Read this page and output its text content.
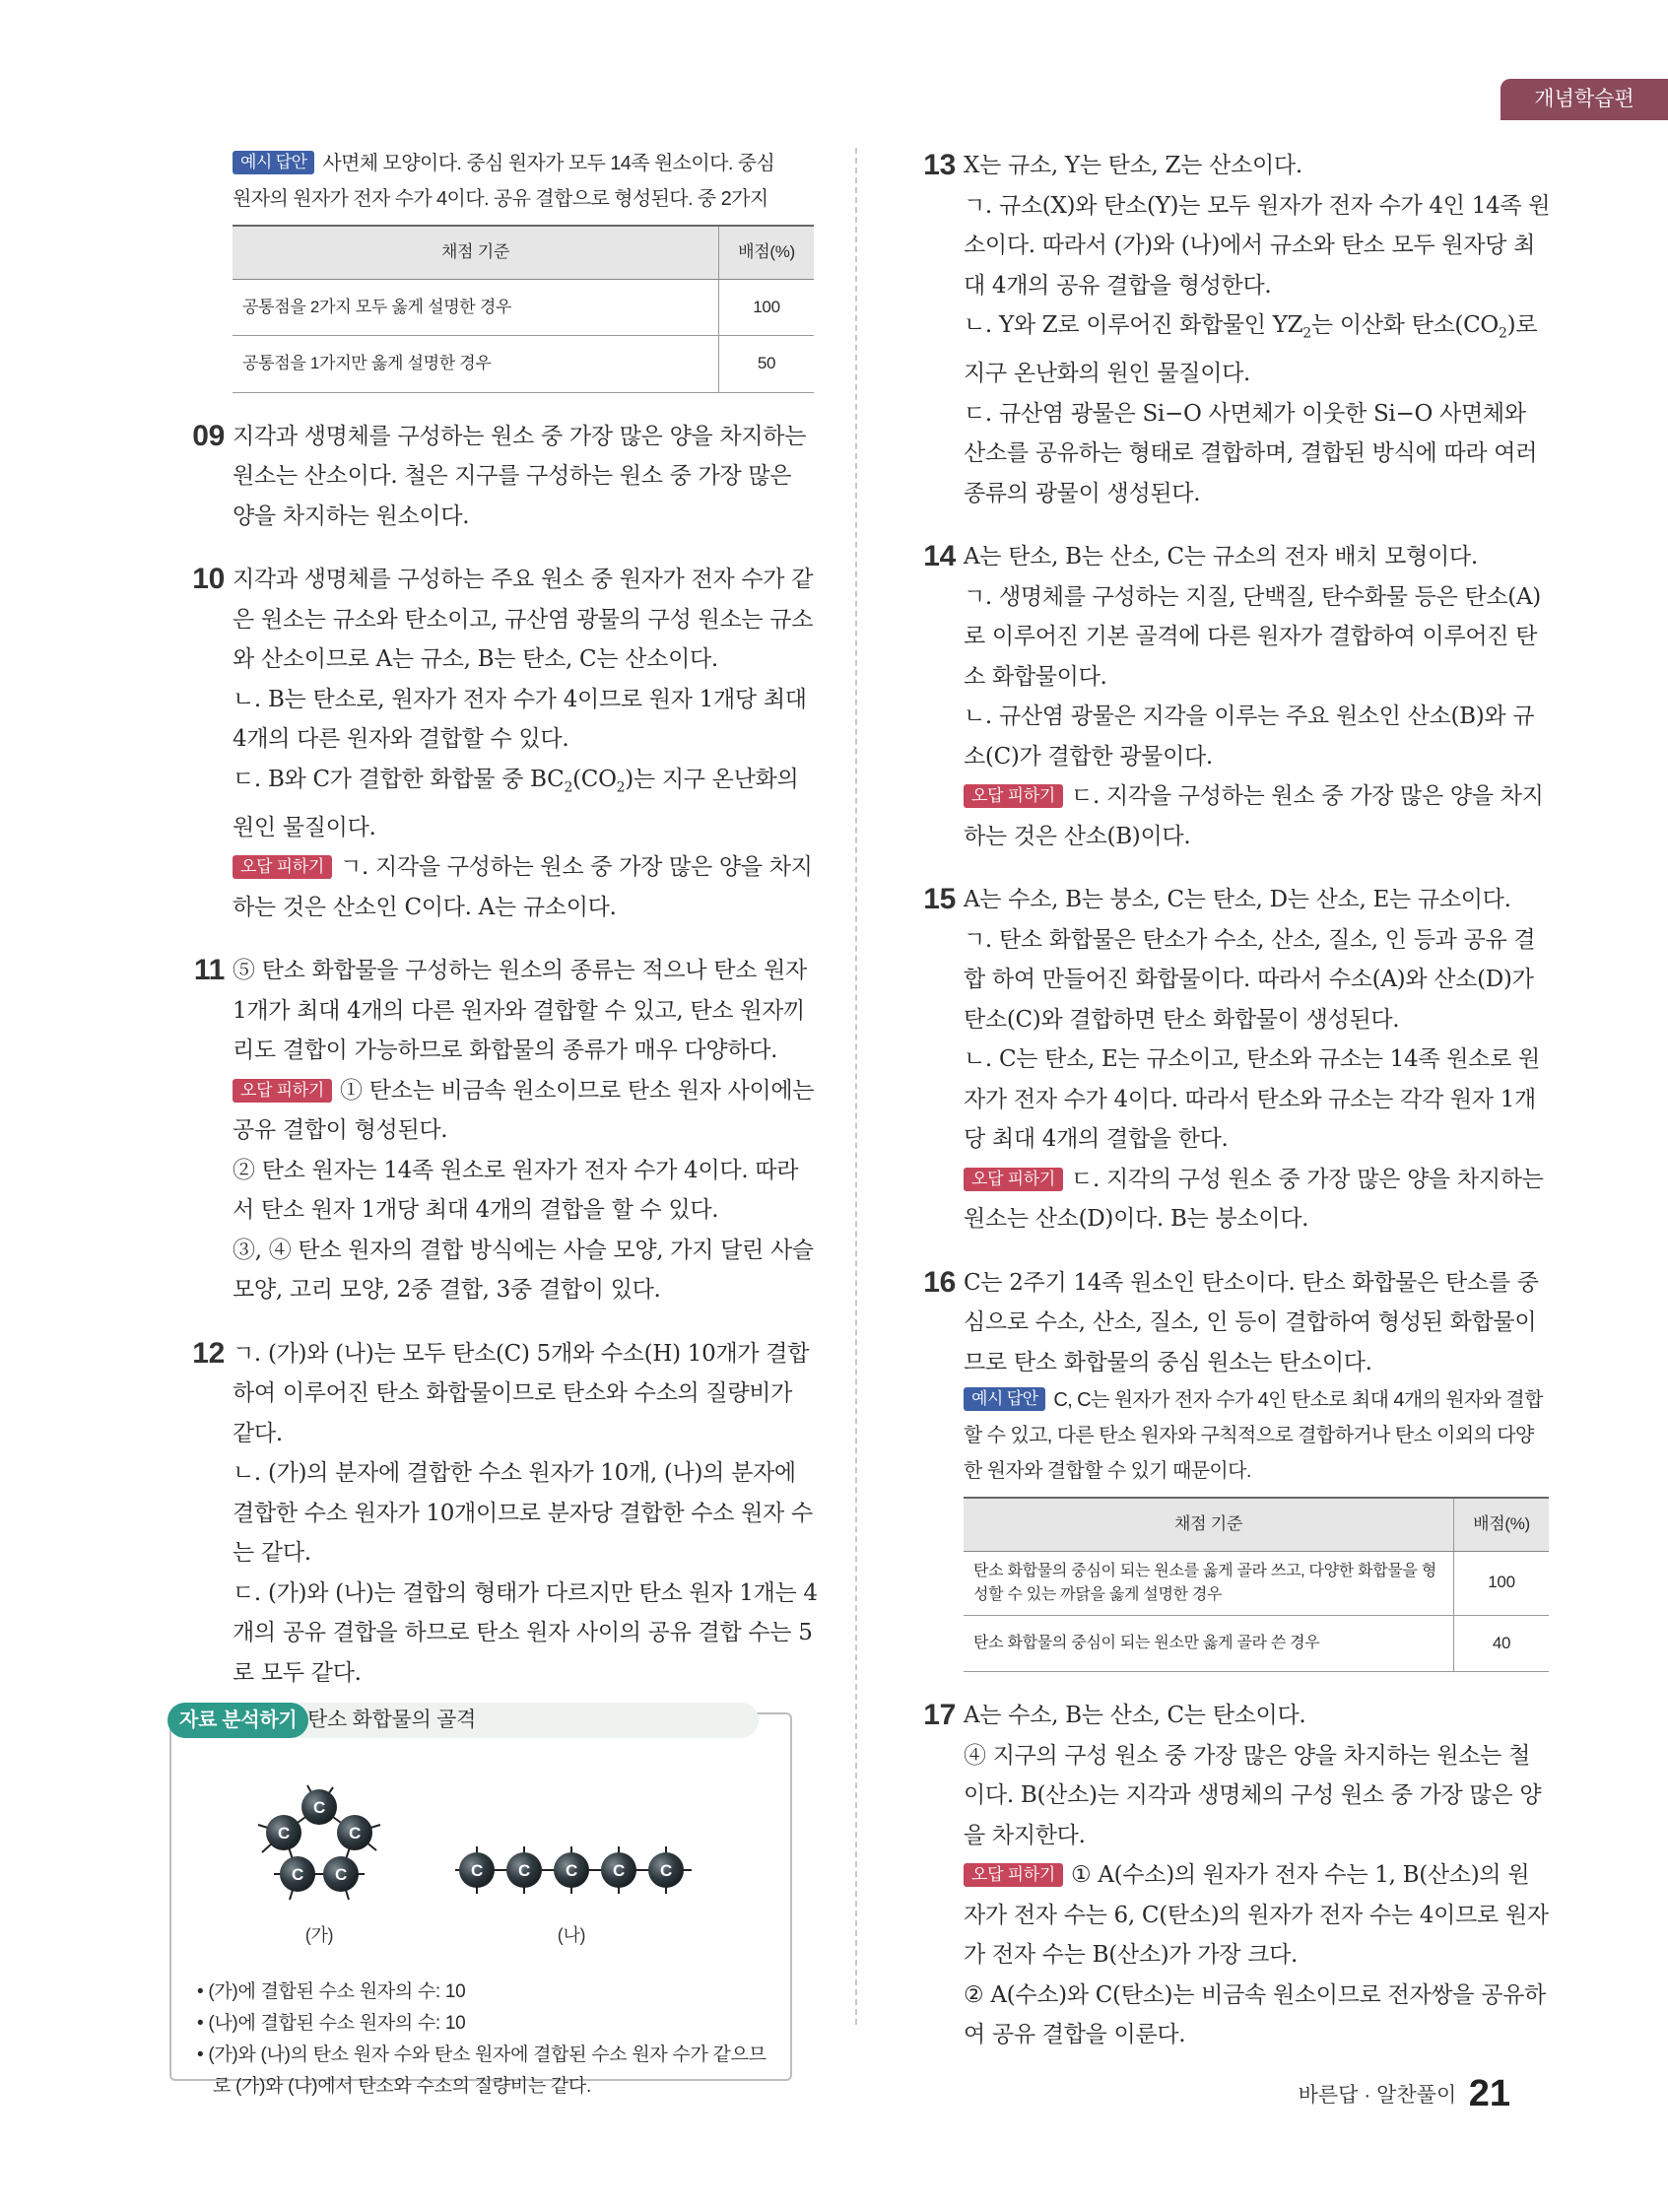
개념학습편

예시 답안 사면체 모양이다. 중심 원자가 모두 14족 원소이다. 중심
원자의 원자가 전자 수가 4이다. 공유 결합으로 형성된다. 중 2가지

채점 기준	배점(%)
공통점을 2가지 모두 옳게 설명한 경우	100
공통점을 1가지만 옳게 설명한 경우	50
09 지각과 생명체를 구성하는 원소 중 가장 많은 양을 차지하는 원소는 산소이다. 철은 지구를 구성하는 원소 중 가장 많은 양을 차지하는 원소이다.

10 지각과 생명체를 구성하는 주요 원소 중 원자가 전자 수가 같은 원소는 규소와 탄소이고, 규산염 광물의 구성 원소는 규소와 산소이므로 A는 규소, B는 탄소, C는 산소이다.

ㄴ. B는 탄소로, 원자가 전자 수가 4이므로 원자 1개당 최대 4개의 다른 원자와 결합할 수 있다.

ㄷ. B와 C가 결합한 화합물 중 $BC_2(CO_2)$는 지구 온난화의 원인 물질이다.

오답 피하기 ㄱ. 지각을 구성하는 원소 중 가장 많은 양을 차지하는 것은 산소인 C이다. A는 규소이다.

11 ⑤ 탄소 화합물을 구성하는 원소의 종류는 적으나 탄소 원자 1개가 최대 4개의 다른 원자와 결합할 수 있고, 탄소 원자끼리도 결합이 가능하므로 화합물의 종류가 매우 다양하다.

오답 피하기 ① 탄소는 비금속 원소이므로 탄소 원자 사이에는 공유 결합이 형성된다.

② 탄소 원자는 14족 원소로 원자가 전자 수가 4이다. 따라서 탄소 원자 1개당 최대 4개의 결합을 할 수 있다.

③, ④ 탄소 원자의 결합 방식에는 사슬 모양, 가지 달린 사슬 모양, 고리 모양, 2중 결합, 3중 결합이 있다.

12 ㄱ. (가)와 (나)는 모두 탄소(C) 5개와 수소(H) 10개가 결합하여 이루어진 탄소 화합물이므로 탄소와 수소의 질량비가 같다.

ㄴ. (가)의 분자에 결합한 수소 원자가 10개, (나)의 분자에 결합한 수소 원자가 10개이므로 분자당 결합한 수소 원자 수는 같다.

ㄷ. (가)와 (나)는 결합의 형태가 다르지만 탄소 원자 1개는 4개의 공유 결합을 하므로 탄소 원자 사이의 공유 결합 수는 5로 모두 같다.

자료 분석하기 탄소 화합물의 골격
C
C	C
C C	C C C C C
(가)	(나)
• (가)에 결합된 수소 원자의 수: 10
• (나)에 결합된 수소 원자의 수: 10
• (가)와 (나)의 탄소 원자 수와 탄소 원자에 결합된 수소 원자 수가 같으므로 (가)와 (나)에서 탄소와 수소의 질량비는 같다.
13 X는 규소, Y는 탄소, Z는 산소이다.

ㄱ. 규소(X)와 탄소(Y)는 모두 원자가 전자 수가 4인 14족 원소이다. 따라서 (가)와 (나)에서 규소와 탄소 모두 원자당 최대 4개의 공유 결합을 형성한다.

ㄴ. Y와 Z로 이루어진 화합물인 $YZ_2$는 이산화 탄소$(CO_2)$로 지구 온난화의 원인 물질이다.

ㄷ. 규산염 광물은 Si−O 사면체가 이웃한 Si−O 사면체와 산소를 공유하는 형태로 결합하며, 결합된 방식에 따라 여러 종류의 광물이 생성된다.

14 A는 탄소, B는 산소, C는 규소의 전자 배치 모형이다.

ㄱ. 생명체를 구성하는 지질, 단백질, 탄수화물 등은 탄소(A)로 이루어진 기본 골격에 다른 원자가 결합하여 이루어진 탄소 화합물이다.

ㄴ. 규산염 광물은 지각을 이루는 주요 원소인 산소(B)와 규소(C)가 결합한 광물이다.

오답 피하기 ㄷ. 지각을 구성하는 원소 중 가장 많은 양을 차지하는 것은 산소(B)이다.

15 A는 수소, B는 붕소, C는 탄소, D는 산소, E는 규소이다.

ㄱ. 탄소 화합물은 탄소가 수소, 산소, 질소, 인 등과 공유 결합 하여 만들어진 화합물이다. 따라서 수소(A)와 산소(D)가 탄소(C)와 결합하면 탄소 화합물이 생성된다.

ㄴ. C는 탄소, E는 규소이고, 탄소와 규소는 14족 원소로 원자가 전자 수가 4이다. 따라서 탄소와 규소는 각각 원자 1개당 최대 4개의 결합을 한다.

오답 피하기 ㄷ. 지각의 구성 원소 중 가장 많은 양을 차지하는 원소는 산소(D)이다. B는 붕소이다.

16 C는 2주기 14족 원소인 탄소이다. 탄소 화합물은 탄소를 중심으로 수소, 산소, 질소, 인 등이 결합하여 형성된 화합물이므로 탄소 화합물의 중심 원소는 탄소이다.

예시 답안 C, C는 원자가 전자 수가 4인 탄소로 최대 4개의 원자와 결합할 수 있고, 다른 탄소 원자와 구칙적으로 결합하거나 탄소 이외의 다양한 원자와 결합할 수 있기 때문이다.

채점 기준	배점(%)
탄소 화합물의 중심이 되는 원소를 옳게 골라 쓰고, 다양한 화합물을 형성할 수 있는 까닭을 옳게 설명한 경우	100
탄소 화합물의 중심이 되는 원소만 옳게 골라 쓴 경우	40
17 A는 수소, B는 산소, C는 탄소이다.

④ 지구의 구성 원소 중 가장 많은 양을 차지하는 원소는 철이다. B(산소)는 지각과 생명체의 구성 원소 중 가장 많은 양을 차지한다.

오답 피하기 ① A(수소)의 원자가 전자 수는 1, B(산소)의 원자가 전자 수는 6, C(탄소)의 원자가 전자 수는 4이므로 원자가 전자 수는 B(산소)가 가장 크다.

② A(수소)와 C(탄소)는 비금속 원소이므로 전자쌍을 공유하여 공유 결합을 이룬다.

바른답 · 알찬풀이 21
